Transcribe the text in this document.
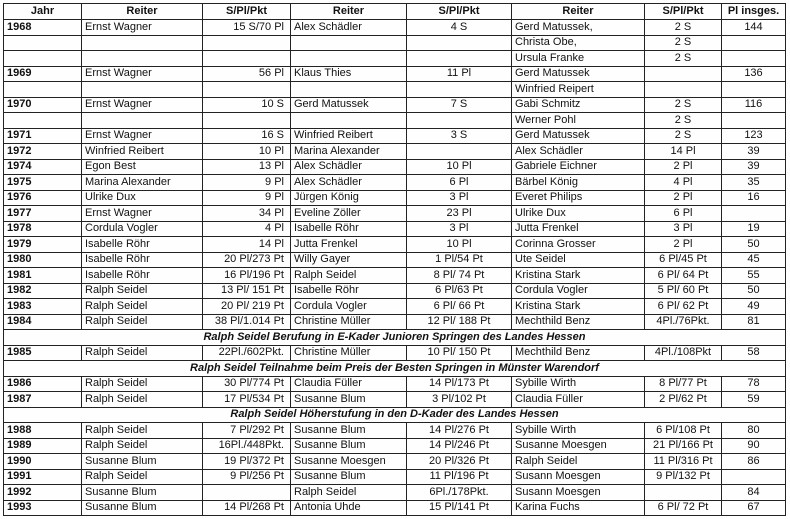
Jahr	Reiter	S/Pl/Pkt	Reiter	S/Pl/Pkt	Reiter	S/Pl/Pkt	Pl insges.
1968	Ernst Wagner	15 S/70 Pl	Alex Schädler	4 S	Gerd Matussek,	2 S	144
					Christa Obe,	2 S	
					Ursula Franke	2 S	
1969	Ernst Wagner	56 Pl	Klaus Thies	11 Pl	Gerd Matussek		136
					Winfried Reipert		
1970	Ernst Wagner	10 S	Gerd Matussek	7 S	Gabi Schmitz	2 S	116
					Werner Pohl	2 S	
1971	Ernst Wagner	16 S	Winfried Reibert	3 S	Gerd Matussek	2 S	123
1972	Winfried Reibert	10 Pl	Marina Alexander		Alex Schädler	14 Pl	39
1974	Egon Best	13 Pl	Alex Schädler	10 Pl	Gabriele Eichner	2 Pl	39
1975	Marina Alexander	9 Pl	Alex Schädler	6 Pl	Bärbel König	4 Pl	35
1976	Ulrike Dux	9 Pl	Jürgen König	3 Pl	Everet Philips	2 Pl	16
1977	Ernst Wagner	34 Pl	Eveline Zöller	23 Pl	Ulrike Dux	6 Pl	
1978	Cordula Vogler	4 Pl	Isabelle Röhr	3 Pl	Jutta Frenkel	3 Pl	19
1979	Isabelle Röhr	14 Pl	Jutta Frenkel	10 Pl	Corinna Grosser	2 Pl	50
1980	Isabelle Röhr	20 Pl/273 Pt	Willy Gayer	1 Pl/54 Pt	Ute Seidel	6 Pl/45 Pt	45
1981	Isabelle Röhr	16 Pl/196 Pt	Ralph Seidel	8 Pl/ 74 Pt	Kristina Stark	6 Pl/ 64 Pt	55
1982	Ralph Seidel	13 Pl/ 151 Pt	Isabelle Röhr	6 Pl/63 Pt	Cordula Vogler	5 Pl/ 60 Pt	50
1983	Ralph Seidel	20 Pl/ 219 Pt	Cordula Vogler	6 Pl/ 66 Pt	Kristina Stark	6 Pl/ 62 Pt	49
1984	Ralph Seidel	38 Pl/1.014 Pt	Christine Müller	12 Pl/ 188 Pt	Mechthild Benz	4Pl./76Pkt.	81
Ralph Seidel Berufung in E-Kader Junioren Springen des Landes Hessen							
1985	Ralph Seidel	22Pl./602Pkt.	Christine Müller	10 Pl/ 150 Pt	Mechthild Benz	4Pl./108Pkt	58
Ralph Seidel Teilnahme beim Preis der Besten Springen in Münster Warendorf							
1986	Ralph Seidel	30 Pl/774 Pt	Claudia Füller	14 Pl/173 Pt	Sybille Wirth	8 Pl/77 Pt	78
1987	Ralph Seidel	17 Pl/534 Pt	Susanne Blum	3 Pl/102 Pt	Claudia Füller	2 Pl/62 Pt	59
Ralph Seidel Höherstufung in den D-Kader des Landes Hessen							
1988	Ralph Seidel	7 Pl/292 Pt	Susanne Blum	14 Pl/276 Pt	Sybille Wirth	6 Pl/108 Pt	80
1989	Ralph Seidel	16Pl./448Pkt.	Susanne Blum	14 Pl/246 Pt	Susanne Moesgen	21 Pl/166 Pt	90
1990	Susanne Blum	19 Pl/372 Pt	Susanne Moesgen	20 Pl/326 Pt	Ralph Seidel	11 Pl/316 Pt	86
1991	Ralph Seidel	9 Pl/256 Pt	Susanne Blum	11 Pl/196 Pt	Susann Moesgen	9 Pl/132 Pt	
1992	Susanne Blum		Ralph Seidel	6Pl./178Pkt.	Susann Moesgen		84
1993	Susanne Blum	14 Pl/268 Pt	Antonia Uhde	15 Pl/141 Pt	Karina Fuchs	6 Pl/ 72 Pt	67
